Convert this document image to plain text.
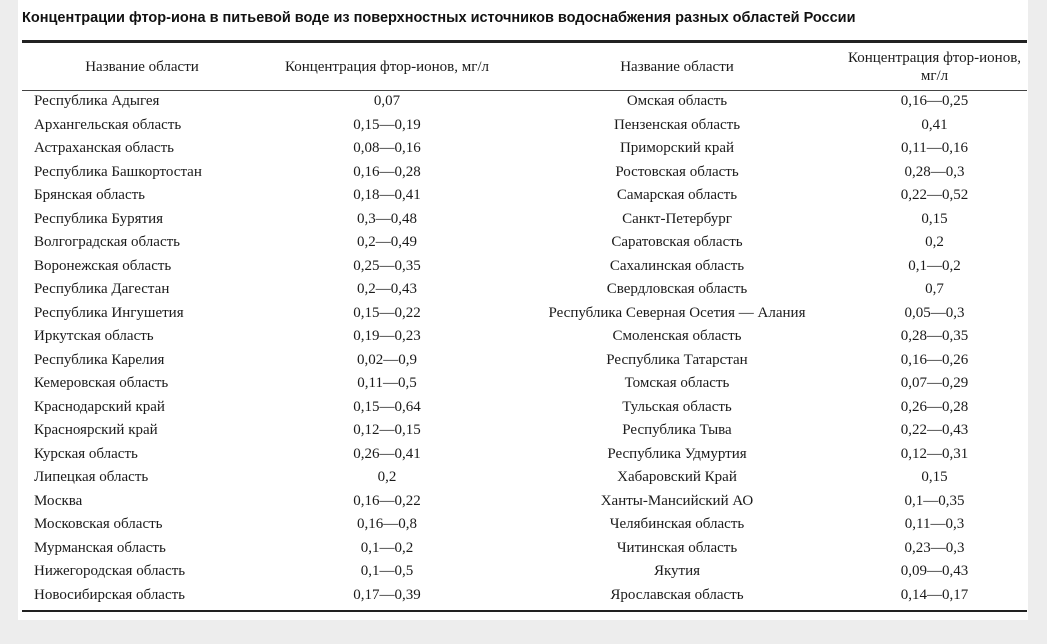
Концентрации фтор-иона в питьевой воде из поверхностных источников водоснабжения разных областей России
Название области	Концентрация фтор-ионов, мг/л	Название области	Концентрация фтор-ионов, мг/л
Республика Адыгея	0,07	Омская область	0,16—0,25
Архангельская область	0,15—0,19	Пензенская область	0,41
Астраханская область	0,08—0,16	Приморский край	0,11—0,16
Республика Башкортостан	0,16—0,28	Ростовская область	0,28—0,3
Брянская область	0,18—0,41	Самарская область	0,22—0,52
Республика Бурятия	0,3—0,48	Санкт-Петербург	0,15
Волгоградская область	0,2—0,49	Саратовская область	0,2
Воронежская область	0,25—0,35	Сахалинская область	0,1—0,2
Республика Дагестан	0,2—0,43	Свердловская область	0,7
Республика Ингушетия	0,15—0,22	Республика Северная Осетия — Алания	0,05—0,3
Иркутская область	0,19—0,23	Смоленская область	0,28—0,35
Республика Карелия	0,02—0,9	Республика Татарстан	0,16—0,26
Кемеровская область	0,11—0,5	Томская область	0,07—0,29
Краснодарский край	0,15—0,64	Тульская область	0,26—0,28
Красноярский край	0,12—0,15	Республика Тыва	0,22—0,43
Курская область	0,26—0,41	Республика Удмуртия	0,12—0,31
Липецкая область	0,2	Хабаровский Край	0,15
Москва	0,16—0,22	Ханты-Мансийский АО	0,1—0,35
Московская область	0,16—0,8	Челябинская область	0,11—0,3
Мурманская область	0,1—0,2	Читинская область	0,23—0,3
Нижегородская область	0,1—0,5	Якутия	0,09—0,43
Новосибирская область	0,17—0,39	Ярославская область	0,14—0,17
